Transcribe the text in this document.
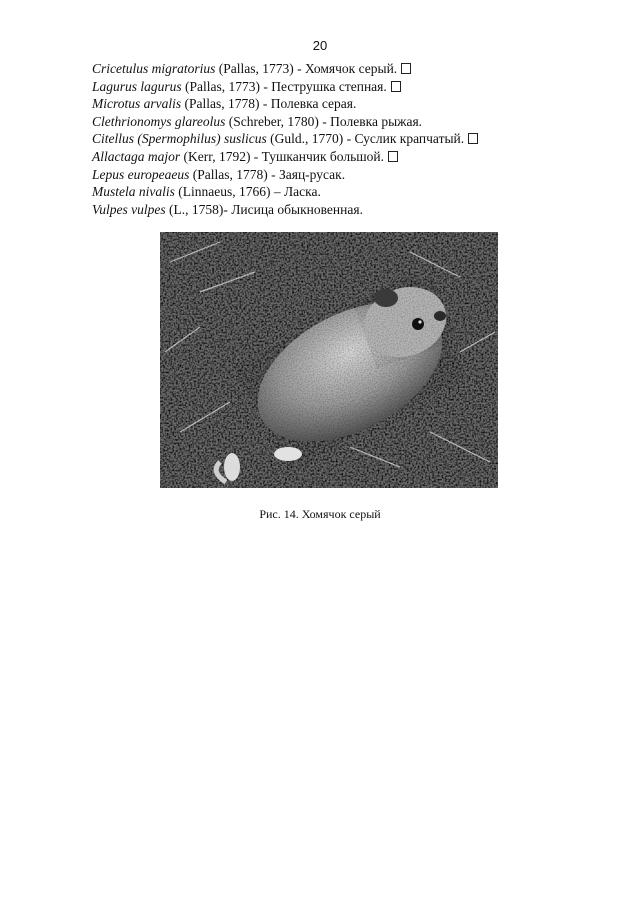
20
Cricetulus migratorius (Pallas, 1773) - Хомячок серый.
Lagurus lagurus (Pallas, 1773) - Пеструшка степная.
Microtus arvalis (Pallas, 1778) - Полевка серая.
Clethrionomys glareolus (Schreber, 1780) - Полевка рыжая.
Citellus (Spermophilus) suslicus (Guld., 1770) - Суслик крапчатый.
Allactaga major (Kerr, 1792) - Тушканчик большой.
Lepus europeaeus (Pallas, 1778) - Заяц-русак.
Mustela nivalis (Linnaeus, 1766) – Ласка.
Vulpes vulpes (L., 1758)- Лисица обыкновенная.
Рис. 14. Хомячок серый
